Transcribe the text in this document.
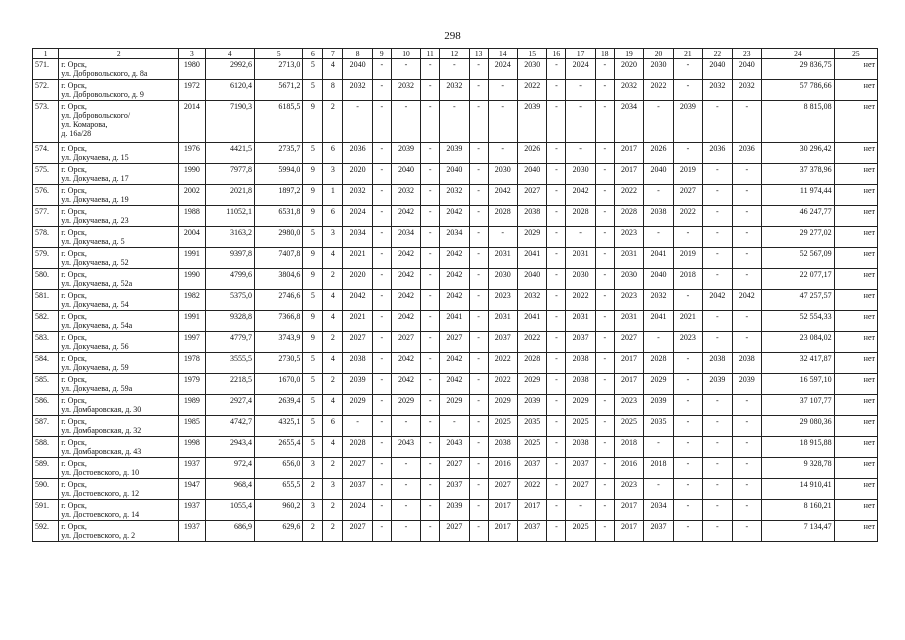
298
1	2	3	4	5	6	7	8	9	10	11	12	13	14	15	16	17	18	19	20	21	22	23	24	25
571.	г. Орск,
ул. Добровольского, д. 8а	1980	2992,6	2713,0	5	4	2040	-	-	-	-	-	2024	2030	-	2024	-	2020	2030	-	2040	2040	29 836,75	нет
572.	г. Орск,
ул. Добровольского, д. 9	1972	6120,4	5671,2	5	8	2032	-	2032	-	2032	-	-	2022	-	-	-	2032	2022	-	2032	2032	57 786,66	нет
573.	г. Орск,
ул. Добровольского/
ул. Комарова,
д. 16а/28	2014	7190,3	6185,5	9	2	-	-	-	-	-	-	-	2039	-	-	-	2034	-	2039	-	-	8 815,08	нет
574.	г. Орск,
ул. Докучаева, д. 15	1976	4421,5	2735,7	5	6	2036	-	2039	-	2039	-	-	2026	-	-	-	2017	2026	-	2036	2036	30 296,42	нет
575.	г. Орск,
ул. Докучаева, д. 17	1990	7977,8	5994,0	9	3	2020	-	2040	-	2040	-	2030	2040	-	2030	-	2017	2040	2019	-	-	37 378,96	нет
576.	г. Орск,
ул. Докучаева, д. 19	2002	2021,8	1897,2	9	1	2032	-	2032	-	2032	-	2042	2027	-	2042	-	2022	-	2027	-	-	11 974,44	нет
577.	г. Орск,
ул. Докучаева, д. 23	1988	11052,1	6531,8	9	6	2024	-	2042	-	2042	-	2028	2038	-	2028	-	2028	2038	2022	-	-	46 247,77	нет
578.	г. Орск,
ул. Докучаева, д. 5	2004	3163,2	2980,0	5	3	2034	-	2034	-	2034	-	-	2029	-	-	-	2023	-	-	-	-	29 277,02	нет
579.	г. Орск,
ул. Докучаева, д. 52	1991	9397,8	7407,8	9	4	2021	-	2042	-	2042	-	2031	2041	-	2031	-	2031	2041	2019	-	-	52 567,09	нет
580.	г. Орск,
ул. Докучаева, д. 52а	1990	4799,6	3804,6	9	2	2020	-	2042	-	2042	-	2030	2040	-	2030	-	2030	2040	2018	-	-	22 077,17	нет
581.	г. Орск,
ул. Докучаева, д. 54	1982	5375,0	2746,6	5	4	2042	-	2042	-	2042	-	2023	2032	-	2022	-	2023	2032	-	2042	2042	47 257,57	нет
582.	г. Орск,
ул. Докучаева, д. 54а	1991	9328,8	7366,8	9	4	2021	-	2042	-	2041	-	2031	2041	-	2031	-	2031	2041	2021	-	-	52 554,33	нет
583.	г. Орск,
ул. Докучаева, д. 56	1997	4779,7	3743,9	9	2	2027	-	2027	-	2027	-	2037	2022	-	2037	-	2027	-	2023	-	-	23 084,02	нет
584.	г. Орск,
ул. Докучаева, д. 59	1978	3555,5	2730,5	5	4	2038	-	2042	-	2042	-	2022	2028	-	2038	-	2017	2028	-	2038	2038	32 417,87	нет
585.	г. Орск,
ул. Докучаева, д. 59а	1979	2218,5	1670,0	5	2	2039	-	2042	-	2042	-	2022	2029	-	2038	-	2017	2029	-	2039	2039	16 597,10	нет
586.	г. Орск,
ул. Домбаровская, д. 30	1989	2927,4	2639,4	5	4	2029	-	2029	-	2029	-	2029	2039	-	2029	-	2023	2039	-	-	-	37 107,77	нет
587.	г. Орск,
ул. Домбаровская, д. 32	1985	4742,7	4325,1	5	6	-	-	-	-	-	-	2025	2035	-	2025	-	2025	2035	-	-	-	29 080,36	нет
588.	г. Орск,
ул. Домбаровская, д. 43	1998	2943,4	2655,4	5	4	2028	-	2043	-	2043	-	2038	2025	-	2038	-	2018	-	-	-	-	18 915,88	нет
589.	г. Орск,
ул. Достоевского, д. 10	1937	972,4	656,0	3	2	2027	-	-	-	2027	-	2016	2037	-	2037	-	2016	2018	-	-	-	9 328,78	нет
590.	г. Орск,
ул. Достоевского, д. 12	1947	968,4	655,5	2	3	2037	-	-	-	2037	-	2027	2022	-	2027	-	2023	-	-	-	-	14 910,41	нет
591.	г. Орск,
ул. Достоевского, д. 14	1937	1055,4	960,2	3	2	2024	-	-	-	2039	-	2017	2017	-	-	-	2017	2034	-	-	-	8 160,21	нет
592.	г. Орск,
ул. Достоевского, д. 2	1937	686,9	629,6	2	2	2027	-	-	-	2027	-	2017	2037	-	2025	-	2017	2037	-	-	-	7 134,47	нет
